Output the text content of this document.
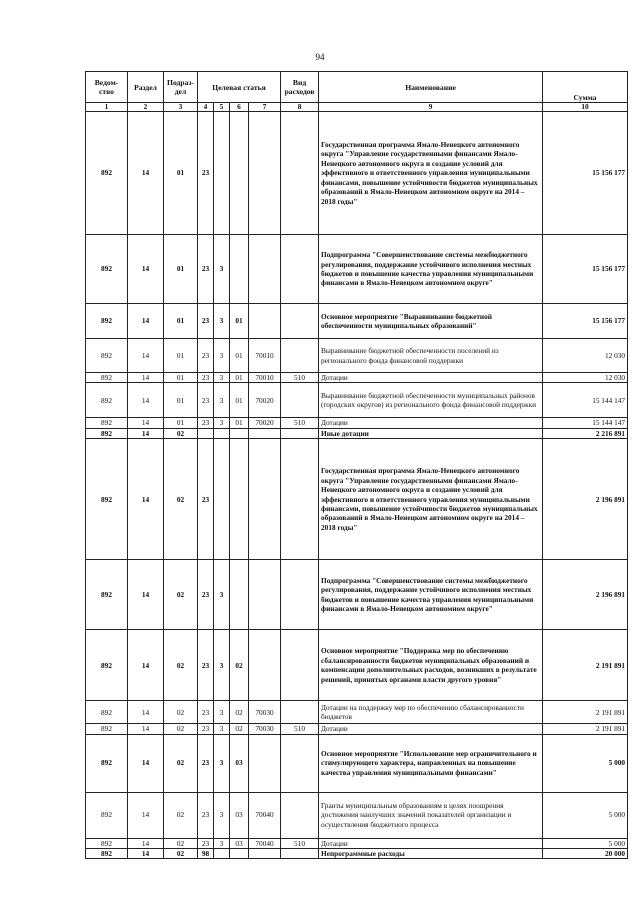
94
Ведом-ство	Раздел	Подраз-дел	Целевая статья				Вид расходов	Наименование	Сумма
1	2	3	4	5	6	7	8	9	10
892	14	01	23					Государственная программа Ямало-Ненецкого автономного округа "Управление государственными финансами Ямало-Ненецкого автономного округа и создание условий для эффективного и ответственного управления муниципальными финансами, повышение устойчивости бюджетов муниципальных образований в Ямало-Ненецком автономном округе на 2014 – 2018 годы"	15 156 177
892	14	01	23	3				Подпрограмма "Совершенствование системы межбюджетного регулирования, поддержание устойчивого исполнения местных бюджетов и повышение качества управления муниципальными финансами в Ямало-Ненецком автономном округе"	15 156 177
892	14	01	23	3	01			Основное мероприятие "Выравнивание бюджетной обеспеченности муниципальных образований"	15 156 177
892	14	01	23	3	01	70010		Выравнивание бюджетной обеспеченности поселений из регионального фонда финансовой поддержки	12 030
892	14	01	23	3	01	70010	510	Дотации	12 030
892	14	01	23	3	01	70020		Выравнивание бюджетной обеспеченности муниципальных районов (городских округов) из регионального фонда финансовой поддержки	15 144 147
892	14	01	23	3	01	70020	510	Дотации	15 144 147
892	14	02						Иные дотации	2 216 891
892	14	02	23					Государственная программа Ямало-Ненецкого автономного округа "Управление государственными финансами Ямало-Ненецкого автономного округа и создание условий для эффективного и ответственного управления муниципальными финансами, повышение устойчивости бюджетов муниципальных образований в Ямало-Ненецком автономном округе на 2014 – 2018 годы"	2 196 891
892	14	02	23	3				Подпрограмма "Совершенствование системы межбюджетного регулирования, поддержание устойчивого исполнения местных бюджетов и повышение качества управления муниципальными финансами в Ямало-Ненецком автономном округе"	2 196 891
892	14	02	23	3	02			Основное мероприятие "Поддержка мер по обеспечению сбалансированности бюджетов муниципальных образований и компенсации дополнительных расходов, возникших в результате решений, принятых органами власти другого уровня"	2 191 891
892	14	02	23	3	02	70030		Дотации на поддержку мер по обеспечению сбалансированности бюджетов	2 191 891
892	14	02	23	3	02	70030	510	Дотации	2 191 891
892	14	02	23	3	03			Основное мероприятие "Использование мер ограничительного и стимулирующего характера, направленных на повышение качества управления муниципальными финансами"	5 000
892	14	02	23	3	03	70040		Гранты муниципальным образованиям в целях поощрения достижения наилучших значений показателей организации и осуществления бюджетного процесса	5 000
892	14	02	23	3	03	70040	510	Дотации	5 000
892	14	02	98					Непрограммные расходы	20 000
